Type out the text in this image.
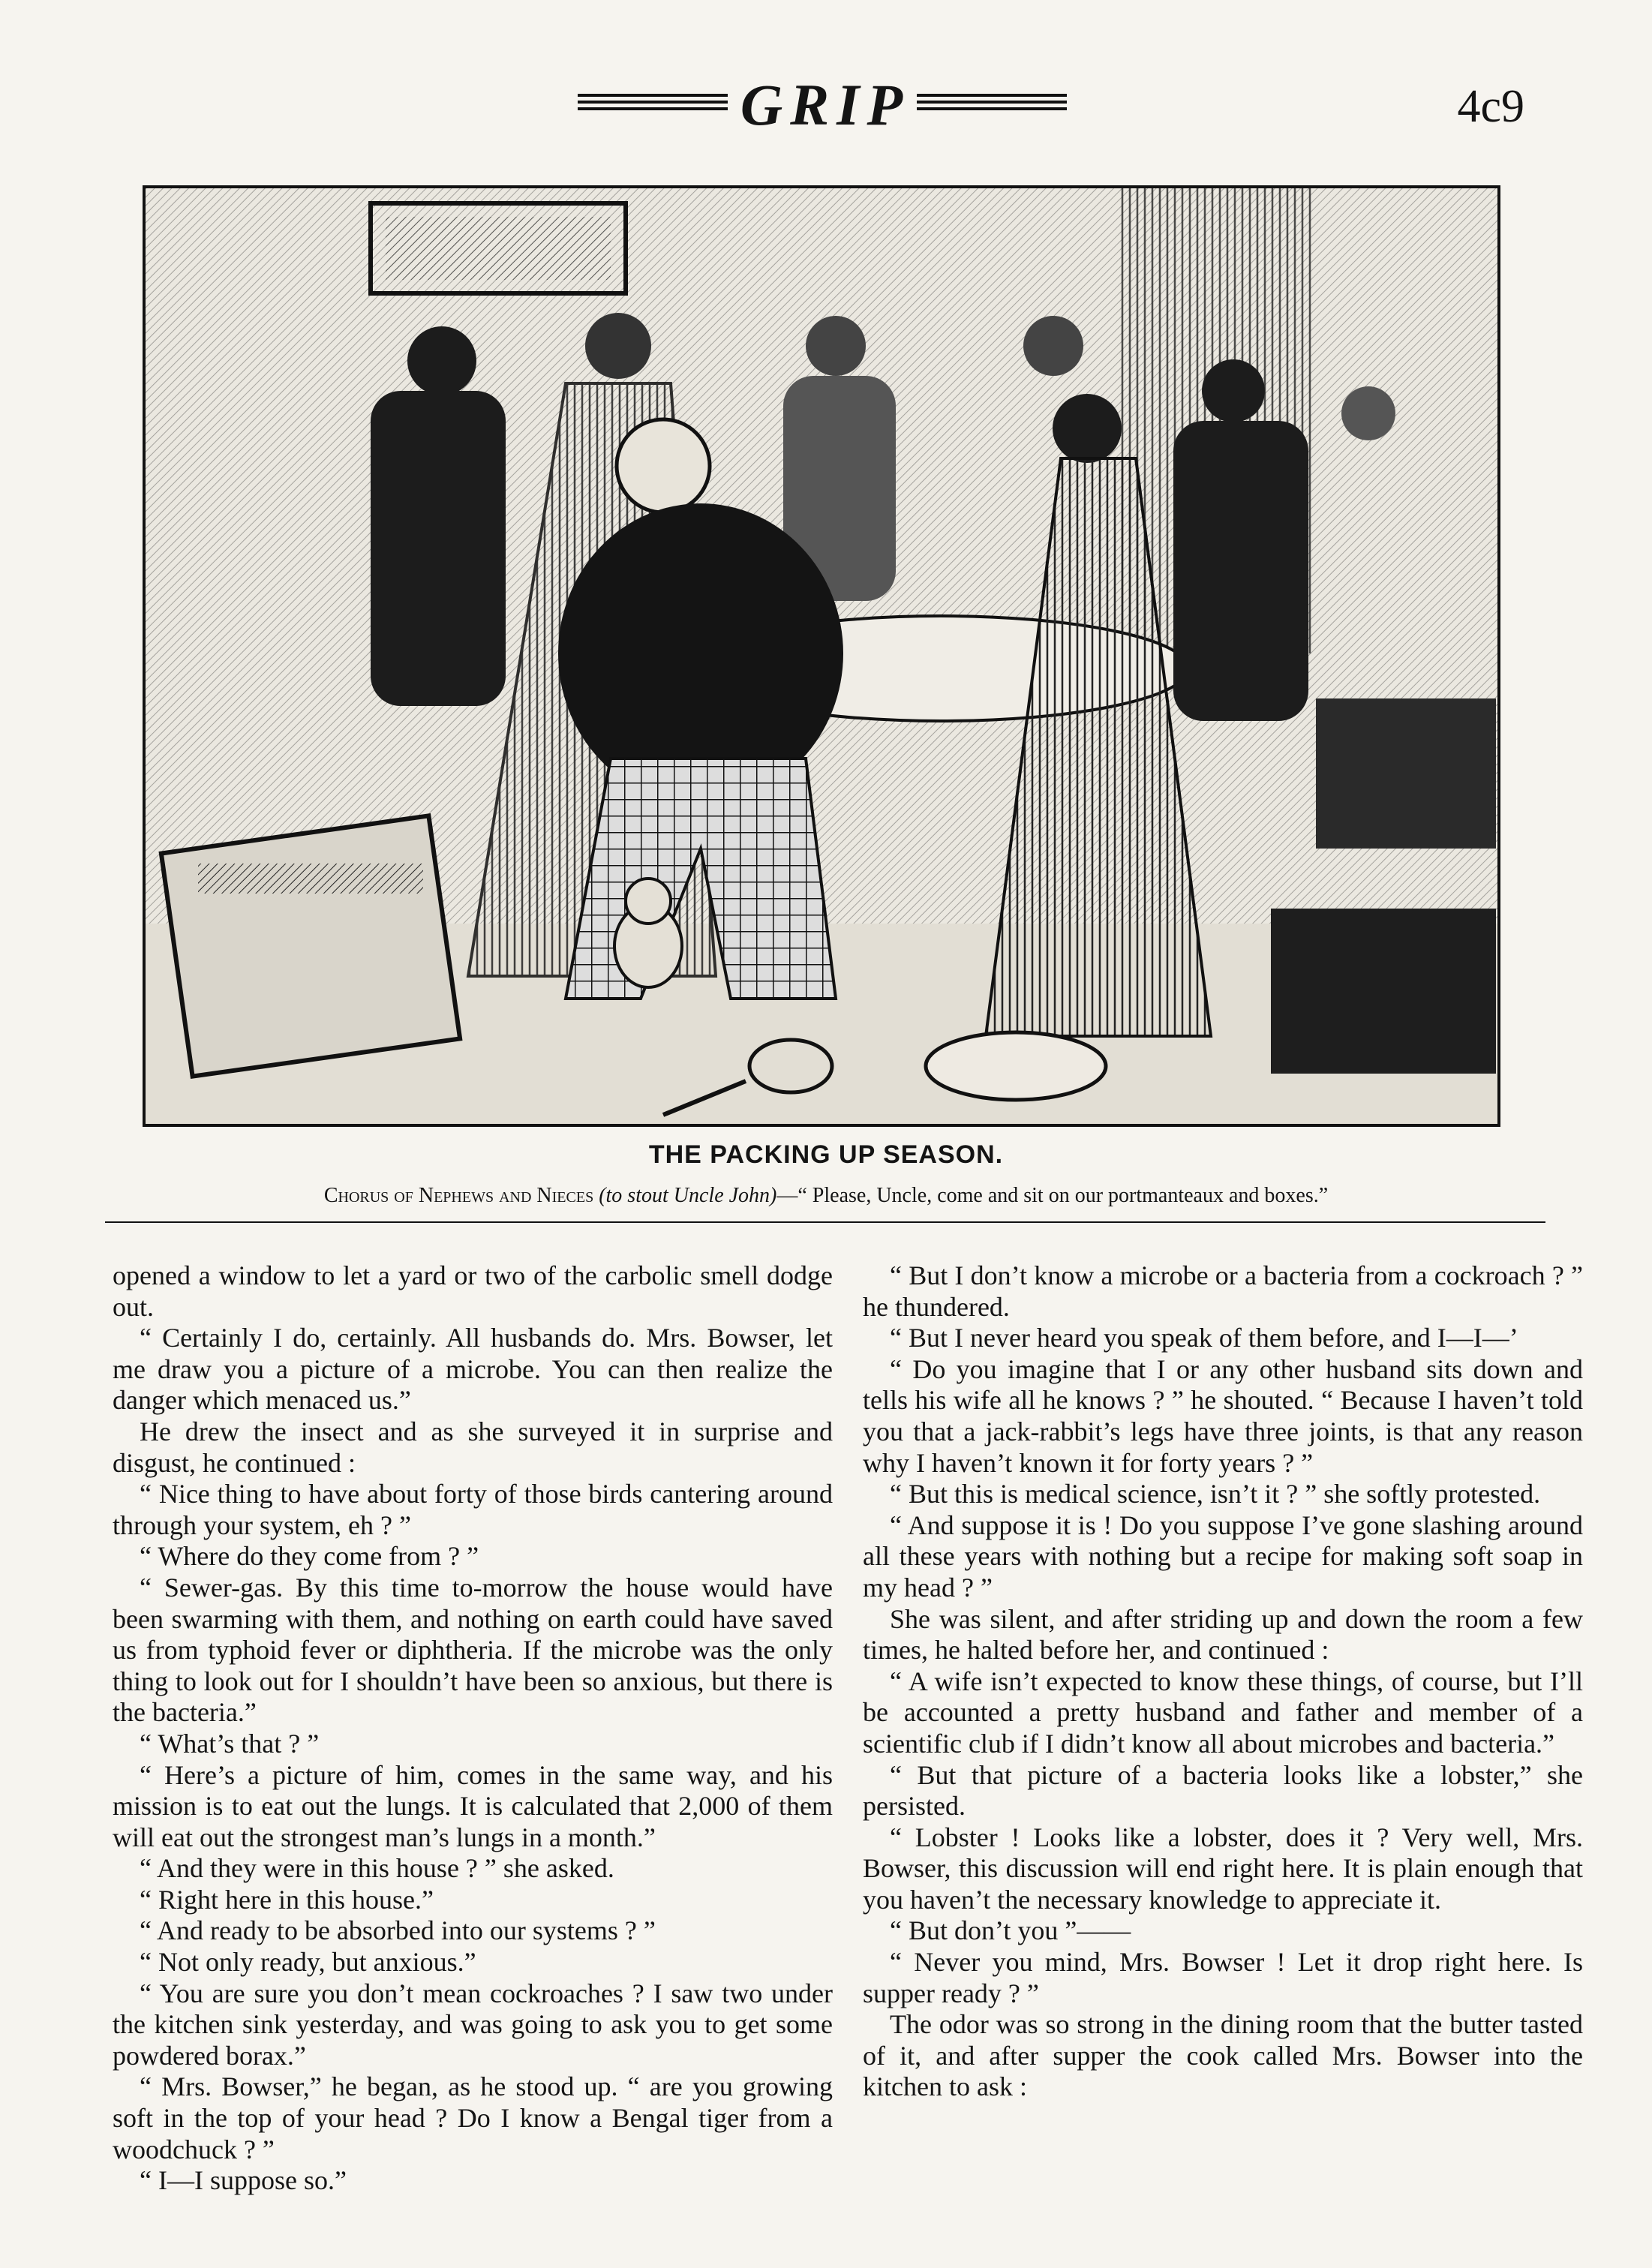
GRIP	4c9
THE PACKING UP SEASON.
Chorus of Nephews and Nieces (to stout Uncle John)—“ Please, Uncle, come and sit on our portmanteaux and boxes.”

opened a window to let a yard or two of the carbolic smell dodge out.

“ Certainly I do, certainly. All husbands do. Mrs. Bowser, let me draw you a picture of a microbe. You can then realize the danger which menaced us.”

He drew the insect and as she surveyed it in surprise and disgust, he continued :

“ Nice thing to have about forty of those birds cantering around through your system, eh ? ”

“ Where do they come from ? ”

“ Sewer-gas. By this time to-morrow the house would have been swarming with them, and nothing on earth could have saved us from typhoid fever or diphtheria. If the microbe was the only thing to look out for I shouldn’t have been so anxious, but there is the bacteria.”

“ What’s that ? ”

“ Here’s a picture of him, comes in the same way, and his mission is to eat out the lungs. It is calculated that 2,000 of them will eat out the strongest man’s lungs in a month.”

“ And they were in this house ? ” she asked.

“ Right here in this house.”

“ And ready to be absorbed into our systems ? ”

“ Not only ready, but anxious.”

“ You are sure you don’t mean cockroaches ? I saw two under the kitchen sink yesterday, and was going to ask you to get some powdered borax.”

“ Mrs. Bowser,” he began, as he stood up. “ are you growing soft in the top of your head ? Do I know a Bengal tiger from a woodchuck ? ”

“ I—I suppose so.”

“ But I don’t know a microbe or a bacteria from a cockroach ? ” he thundered.

“ But I never heard you speak of them before, and I—I—’

“ Do you imagine that I or any other husband sits down and tells his wife all he knows ? ” he shouted. “ Because I haven’t told you that a jack-rabbit’s legs have three joints, is that any reason why I haven’t known it for forty years ? ”

“ But this is medical science, isn’t it ? ” she softly protested.

“ And suppose it is ! Do you suppose I’ve gone slashing around all these years with nothing but a recipe for making soft soap in my head ? ”

She was silent, and after striding up and down the room a few times, he halted before her, and continued :

“ A wife isn’t expected to know these things, of course, but I’ll be accounted a pretty husband and father and member of a scientific club if I didn’t know all about microbes and bacteria.”

“ But that picture of a bacteria looks like a lobster,” she persisted.

“ Lobster ! Looks like a lobster, does it ? Very well, Mrs. Bowser, this discussion will end right here. It is plain enough that you haven’t the necessary knowledge to appreciate it.

“ But don’t you ”——

“ Never you mind, Mrs. Bowser ! Let it drop right here. Is supper ready ? ”

The odor was so strong in the dining room that the butter tasted of it, and after supper the cook called Mrs. Bowser into the kitchen to ask :
